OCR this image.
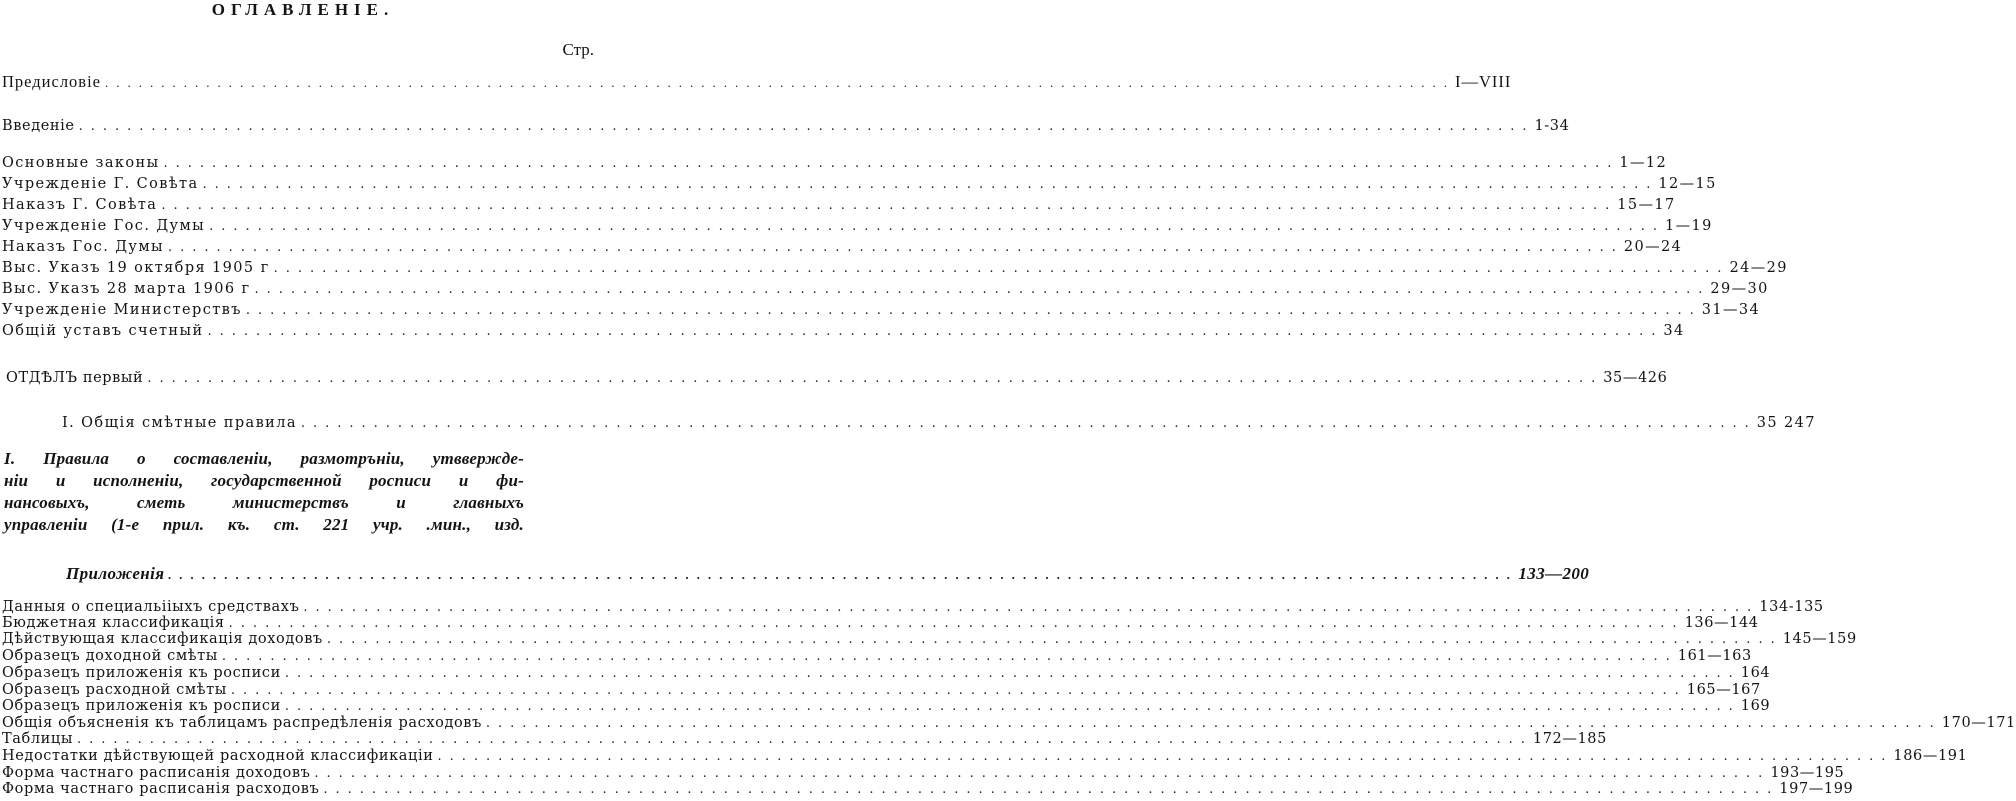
ОГЛАВЛЕНІЕ.
Стр.
Предисловіе ........................................................................................................................ I—VIII
Введеніе ........................................................................................................................ 1-34
Основные законы ........................................................................................................................ 1—12
Учрежденіе Г. Совѣта ........................................................................................................................ 12—15
Наказъ Г. Совѣта ........................................................................................................................ 15—17
Учрежденіе Гос. Думы ........................................................................................................................ 1—19
Наказъ Гос. Думы ........................................................................................................................ 20—24
Выс. Указъ 19 октября 1905 г ........................................................................................................................ 24—29
Выс. Указъ 28 марта 1906 г ........................................................................................................................ 29—30
Учрежденіе Министерствъ ........................................................................................................................ 31—34
Общій уставъ счетный ........................................................................................................................ 34
ОТДѢЛЪ первый ........................................................................................................................ 35—426
I. Общія смѣтные правила ........................................................................................................................ 35 247
I. Правила о составленіи, размотръніи, утввержде-
ніи и исполненіи, государственной росписи и фи-
нансовыхъ, сметь министерствъ и главныхъ
управленіи (1-е прил. къ. ст. 221 учр. .мин., изд.
Приложенія ........................................................................................................................ 133—200
Данныя о специальііыхъ средствахъ ........................................................................................................................ 134-135
Бюджетная классификація ........................................................................................................................ 136—144
Дѣйствующая классификація доходовъ ........................................................................................................................ 145—159
Образецъ доходной смѣты ........................................................................................................................ 161—163
Образецъ приложенія къ росписи ........................................................................................................................ 164
Образецъ расходной смѣты ........................................................................................................................ 165—167
Образецъ приложенія къ росписи ........................................................................................................................ 169
Общія объясненія къ таблицамъ распредѣленія расходовъ ........................................................................................................................ 170—171
Таблицы ........................................................................................................................ 172—185
Недостатки дѣйствующей расходной классификаціи ........................................................................................................................ 186—191
Форма частнаго расписанія доходовъ ........................................................................................................................ 193—195
Форма частнаго расписанія расходовъ ........................................................................................................................ 197—199
